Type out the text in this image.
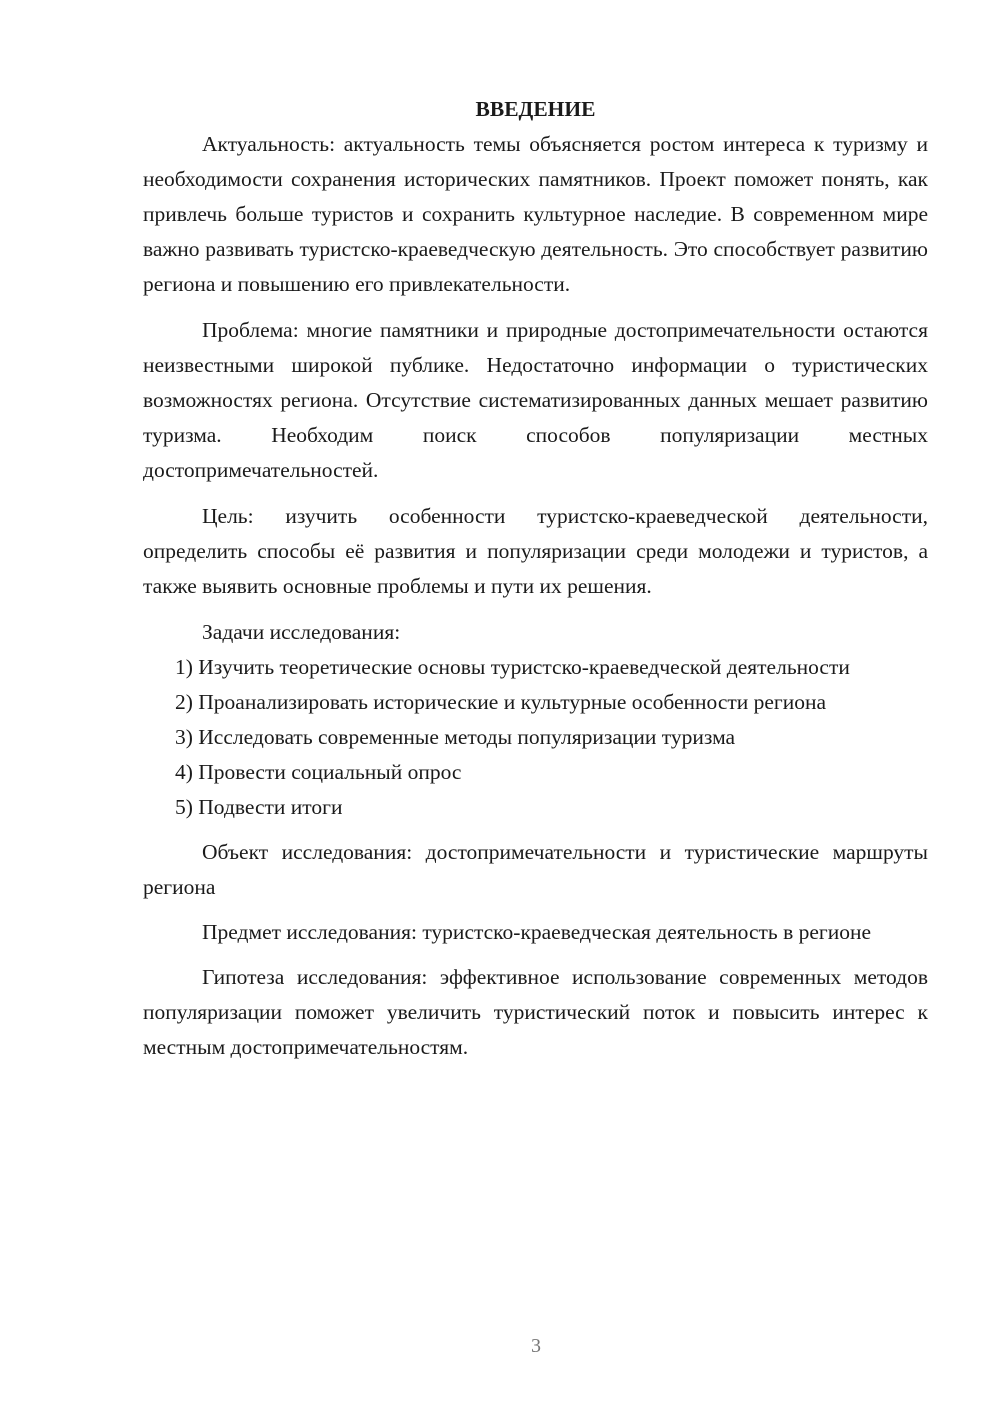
ВВЕДЕНИЕ

Актуальность: актуальность темы объясняется ростом интереса к туризму и необходимости сохранения исторических памятников. Проект поможет понять, как привлечь больше туристов и сохранить культурное наследие. В современном мире важно развивать туристско-краеведческую деятельность. Это способствует развитию региона и повышению его привлекательности.

Проблема: многие памятники и природные достопримечательности остаются неизвестными широкой публике. Недостаточно информации о туристических возможностях региона. Отсутствие систематизированных данных мешает развитию туризма. Необходим поиск способов популяризации местных достопримечательностей.

Цель: изучить особенности туристско-краеведческой деятельности, определить способы её развития и популяризации среди молодежи и туристов, а также выявить основные проблемы и пути их решения.

Задачи исследования:

1) Изучить теоретические основы туристско-краеведческой деятельности

2) Проанализировать исторические и культурные особенности региона

3) Исследовать современные методы популяризации туризма

4) Провести социальный опрос

5) Подвести итоги

Объект исследования: достопримечательности и туристические маршруты региона

Предмет исследования: туристско-краеведческая деятельность в регионе

Гипотеза исследования: эффективное использование современных методов популяризации поможет увеличить туристический поток и повысить интерес к местным достопримечательностям.

3
